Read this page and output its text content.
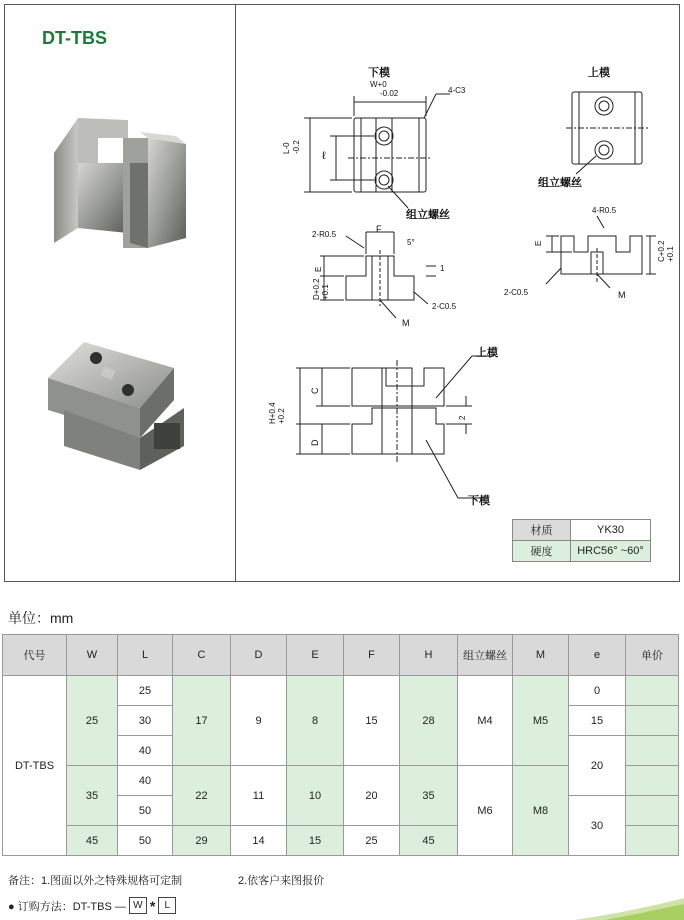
DT-TBS
下模	上模
W+0
-0.02	4-C3
L-0 -0.2
ℓ
组立螺丝
组立螺丝
2-R0.5
F
5°
E
D+0.2 +0.1
1
M
2-C0.5
4-R0.5
E	C+0.2 +0.1
2-C0.5	M
上模
H+0.4 +0.2
C
D
2
下模
材质	YK30
硬度	HRC56° ~60°
单位：mm
代号	W	L	C	D	E	F	H	组立螺丝	M	e	单价
DT-TBS	25	25	17	9	8	15	28	M4	M5	0	
		30								15	
		40								20	
	35	40	22	11	10	20	35	M6	M8		
		50								30	
	45	50	29	14	15	25	45				
备注：1.图面以外之特殊规格可定制	2.依客户来图报价
● 订购方法：DT-TBS — W * L
